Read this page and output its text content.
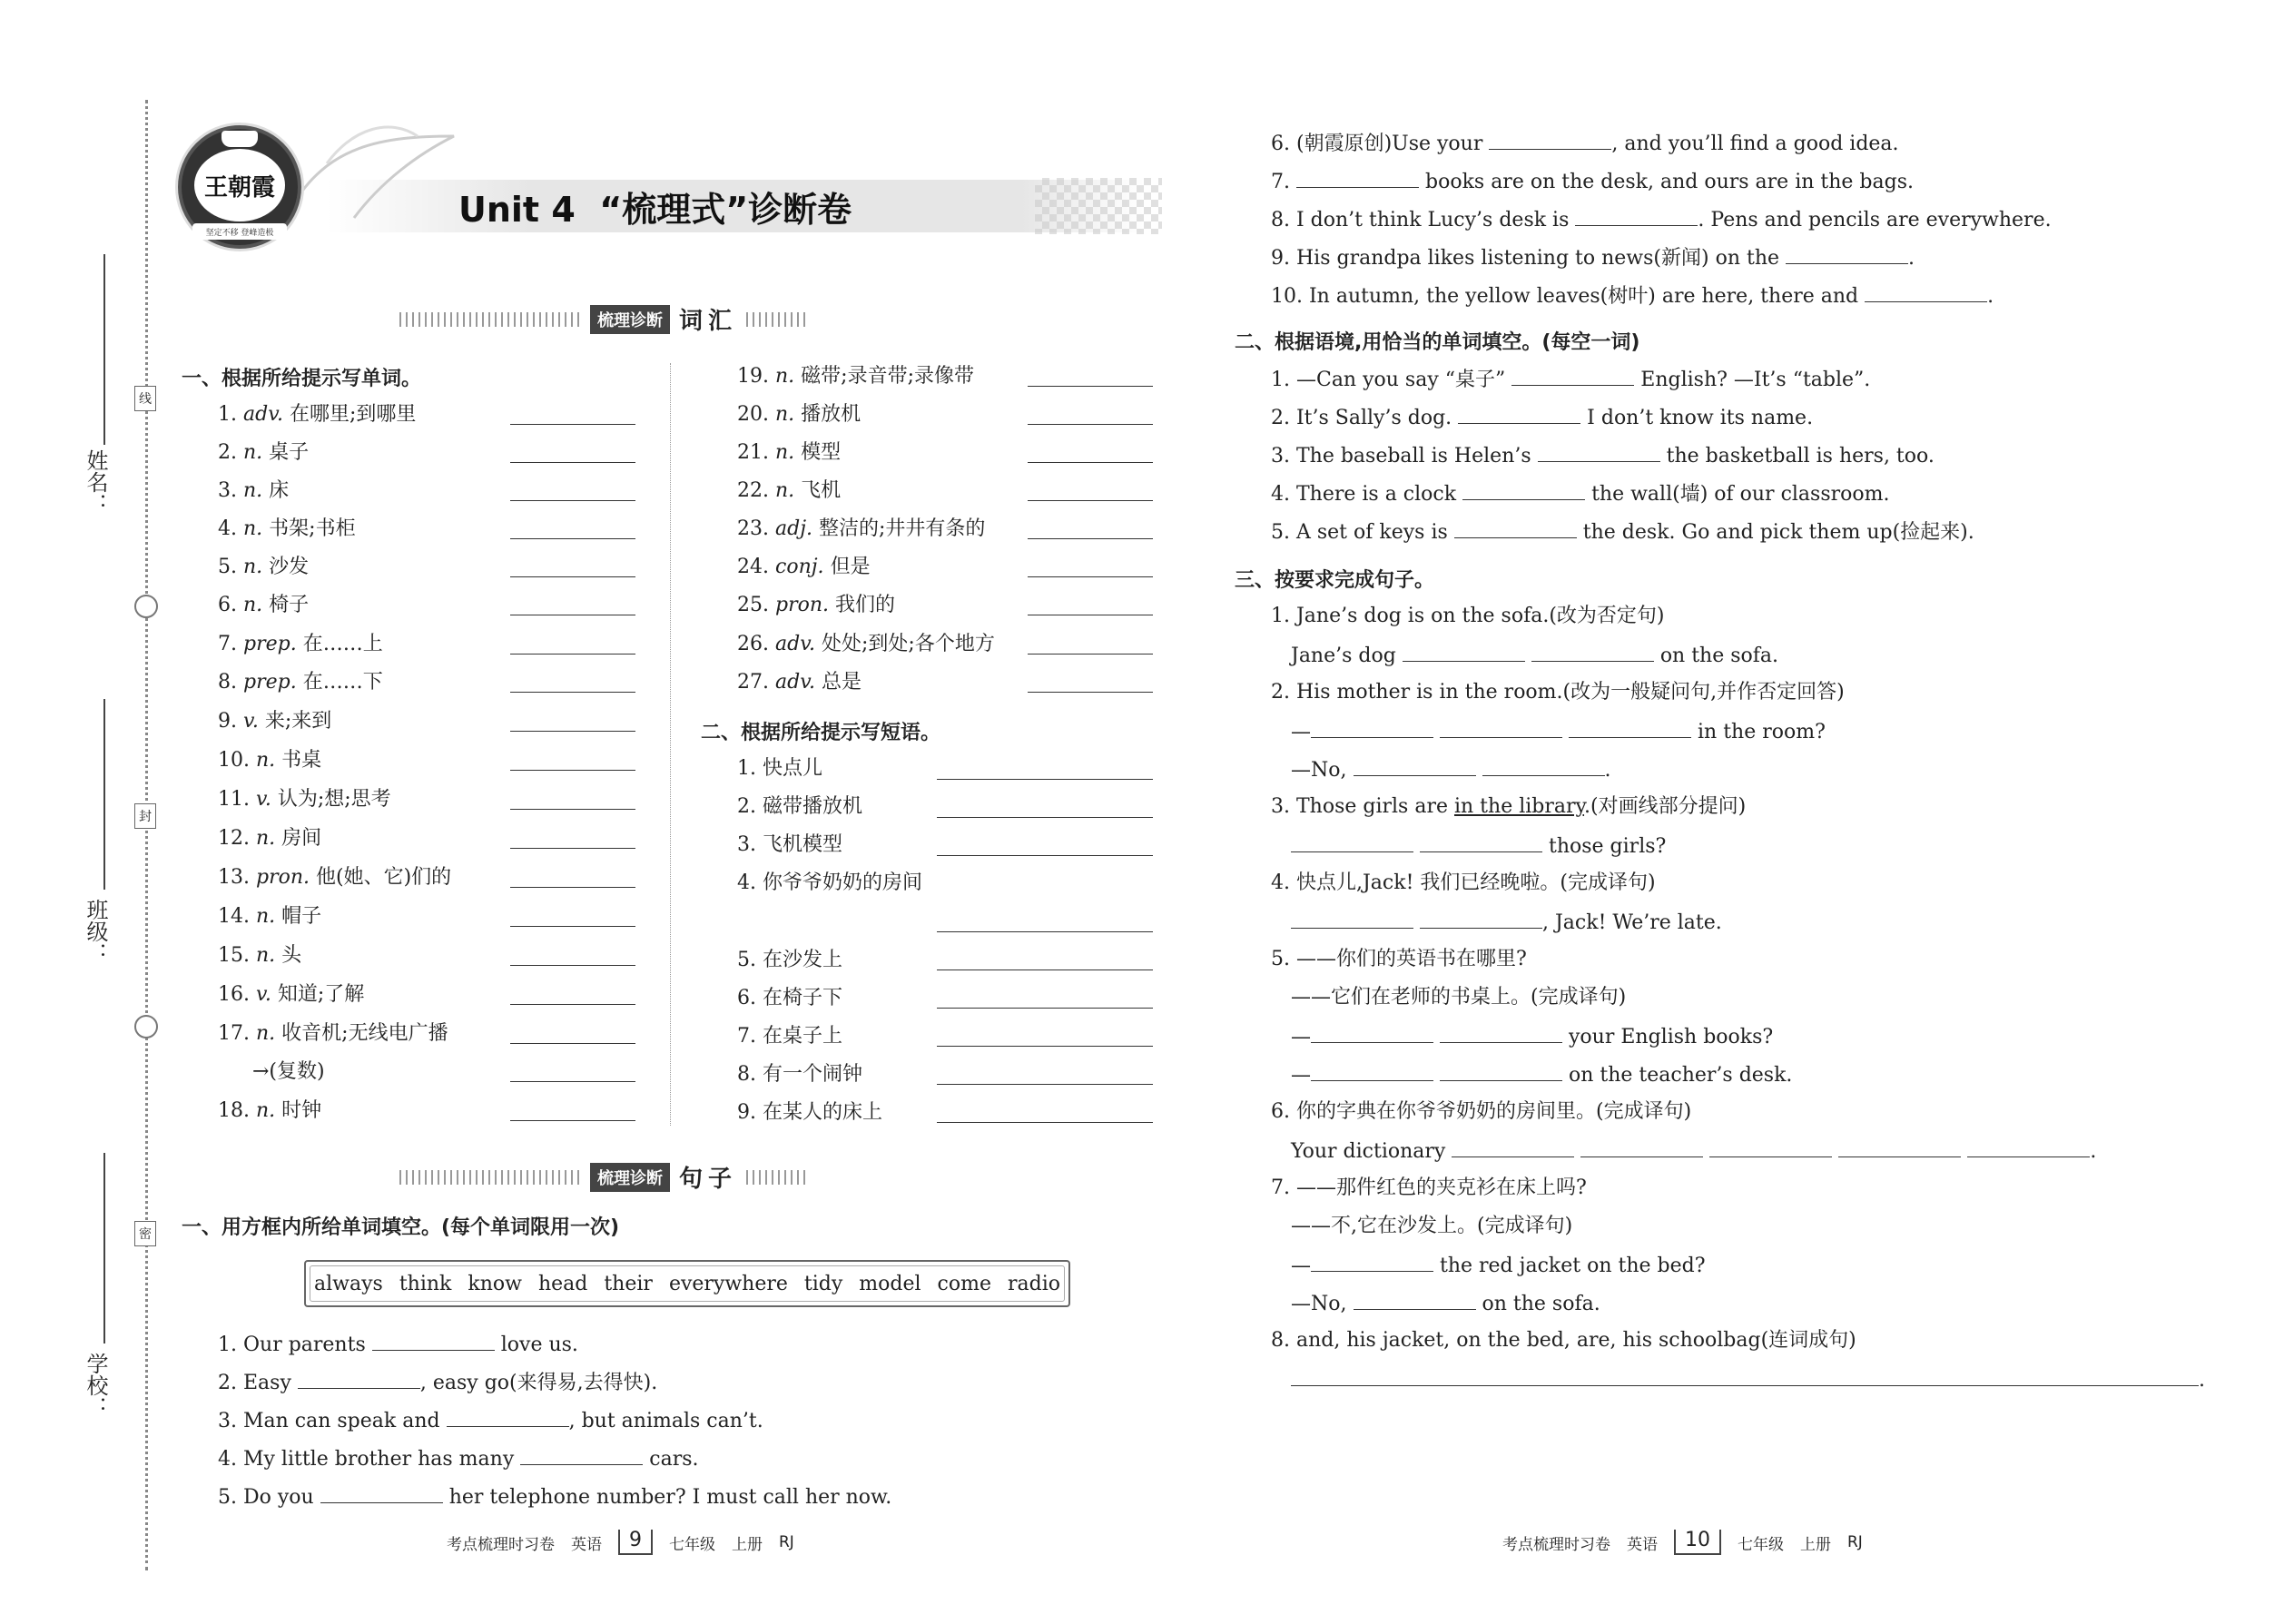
姓名：
班级：
学校：
线
封
密
王朝霞
坚定不移 登峰造极
Unit 4  “梳理式”诊断卷
梳理诊断 词汇
一、根据所给提示写单词。
1. adv. 在哪里;到哪里
2. n. 桌子
3. n. 床
4. n. 书架;书柜
5. n. 沙发
6. n. 椅子
7. prep. 在……上
8. prep. 在……下
9. v. 来;来到
10. n. 书桌
11. v. 认为;想;思考
12. n. 房间
13. pron. 他(她、它)们的
14. n. 帽子
15. n. 头
16. v. 知道;了解
17. n. 收音机;无线电广播
→(复数)
18. n. 时钟
19. n. 磁带;录音带;录像带
20. n. 播放机
21. n. 模型
22. n. 飞机
23. adj. 整洁的;井井有条的
24. conj. 但是
25. pron. 我们的
26. adv. 处处;到处;各个地方
27. adv. 总是
二、根据所给提示写短语。
1. 快点儿
2. 磁带播放机
3. 飞机模型
4. 你爷爷奶奶的房间
5. 在沙发上
6. 在椅子下
7. 在桌子上
8. 有一个闹钟
9. 在某人的床上
梳理诊断 句子
一、用方框内所给单词填空。(每个单词限用一次)
always think know head their everywhere tidy model come radio
1. Our parents	love us.
2. Easy	, easy go(来得易,去得快).
3. Man can speak and	, but animals can’t.
4. My little brother has many	cars.
5. Do you	her telephone number? I must call her now.
考点梳理时习卷 英语	9	七年级 上册 RJ
6. (朝霞原创)Use your	, and you’ll find a good idea.
7.	books are on the desk, and ours are in the bags.
8. I don’t think Lucy’s desk is	. Pens and pencils are everywhere.
9. His grandpa likes listening to news(新闻) on the	.
10. In autumn, the yellow leaves(树叶) are here, there and	.
二、根据语境,用恰当的单词填空。(每空一词)
1. —Can you say “桌子”	English? —It’s “table”.
2. It’s Sally’s dog.	I don’t know its name.
3. The baseball is Helen’s	the basketball is hers, too.
4. There is a clock	the wall(墙) of our classroom.
5. A set of keys is	the desk. Go and pick them up(捡起来).
三、按要求完成句子。
1. Jane’s dog is on the sofa.(改为否定句)
Jane’s dog	on the sofa.
2. His mother is in the room.(改为一般疑问句,并作否定回答)
—	in the room?
—No,	.
3. Those girls are in the library.(对画线部分提问)
those girls?
4. 快点儿,Jack! 我们已经晚啦。(完成译句)
, Jack! We’re late.
5. ——你们的英语书在哪里?
——它们在老师的书桌上。(完成译句)
—	your English books?
—	on the teacher’s desk.
6. 你的字典在你爷爷奶奶的房间里。(完成译句)
Your dictionary	.
7. ——那件红色的夹克衫在床上吗?
——不,它在沙发上。(完成译句)
—	the red jacket on the bed?
—No,	on the sofa.
8. and, his jacket, on the bed, are, his schoolbag(连词成句)
.
考点梳理时习卷 英语	10	七年级 上册 RJ
